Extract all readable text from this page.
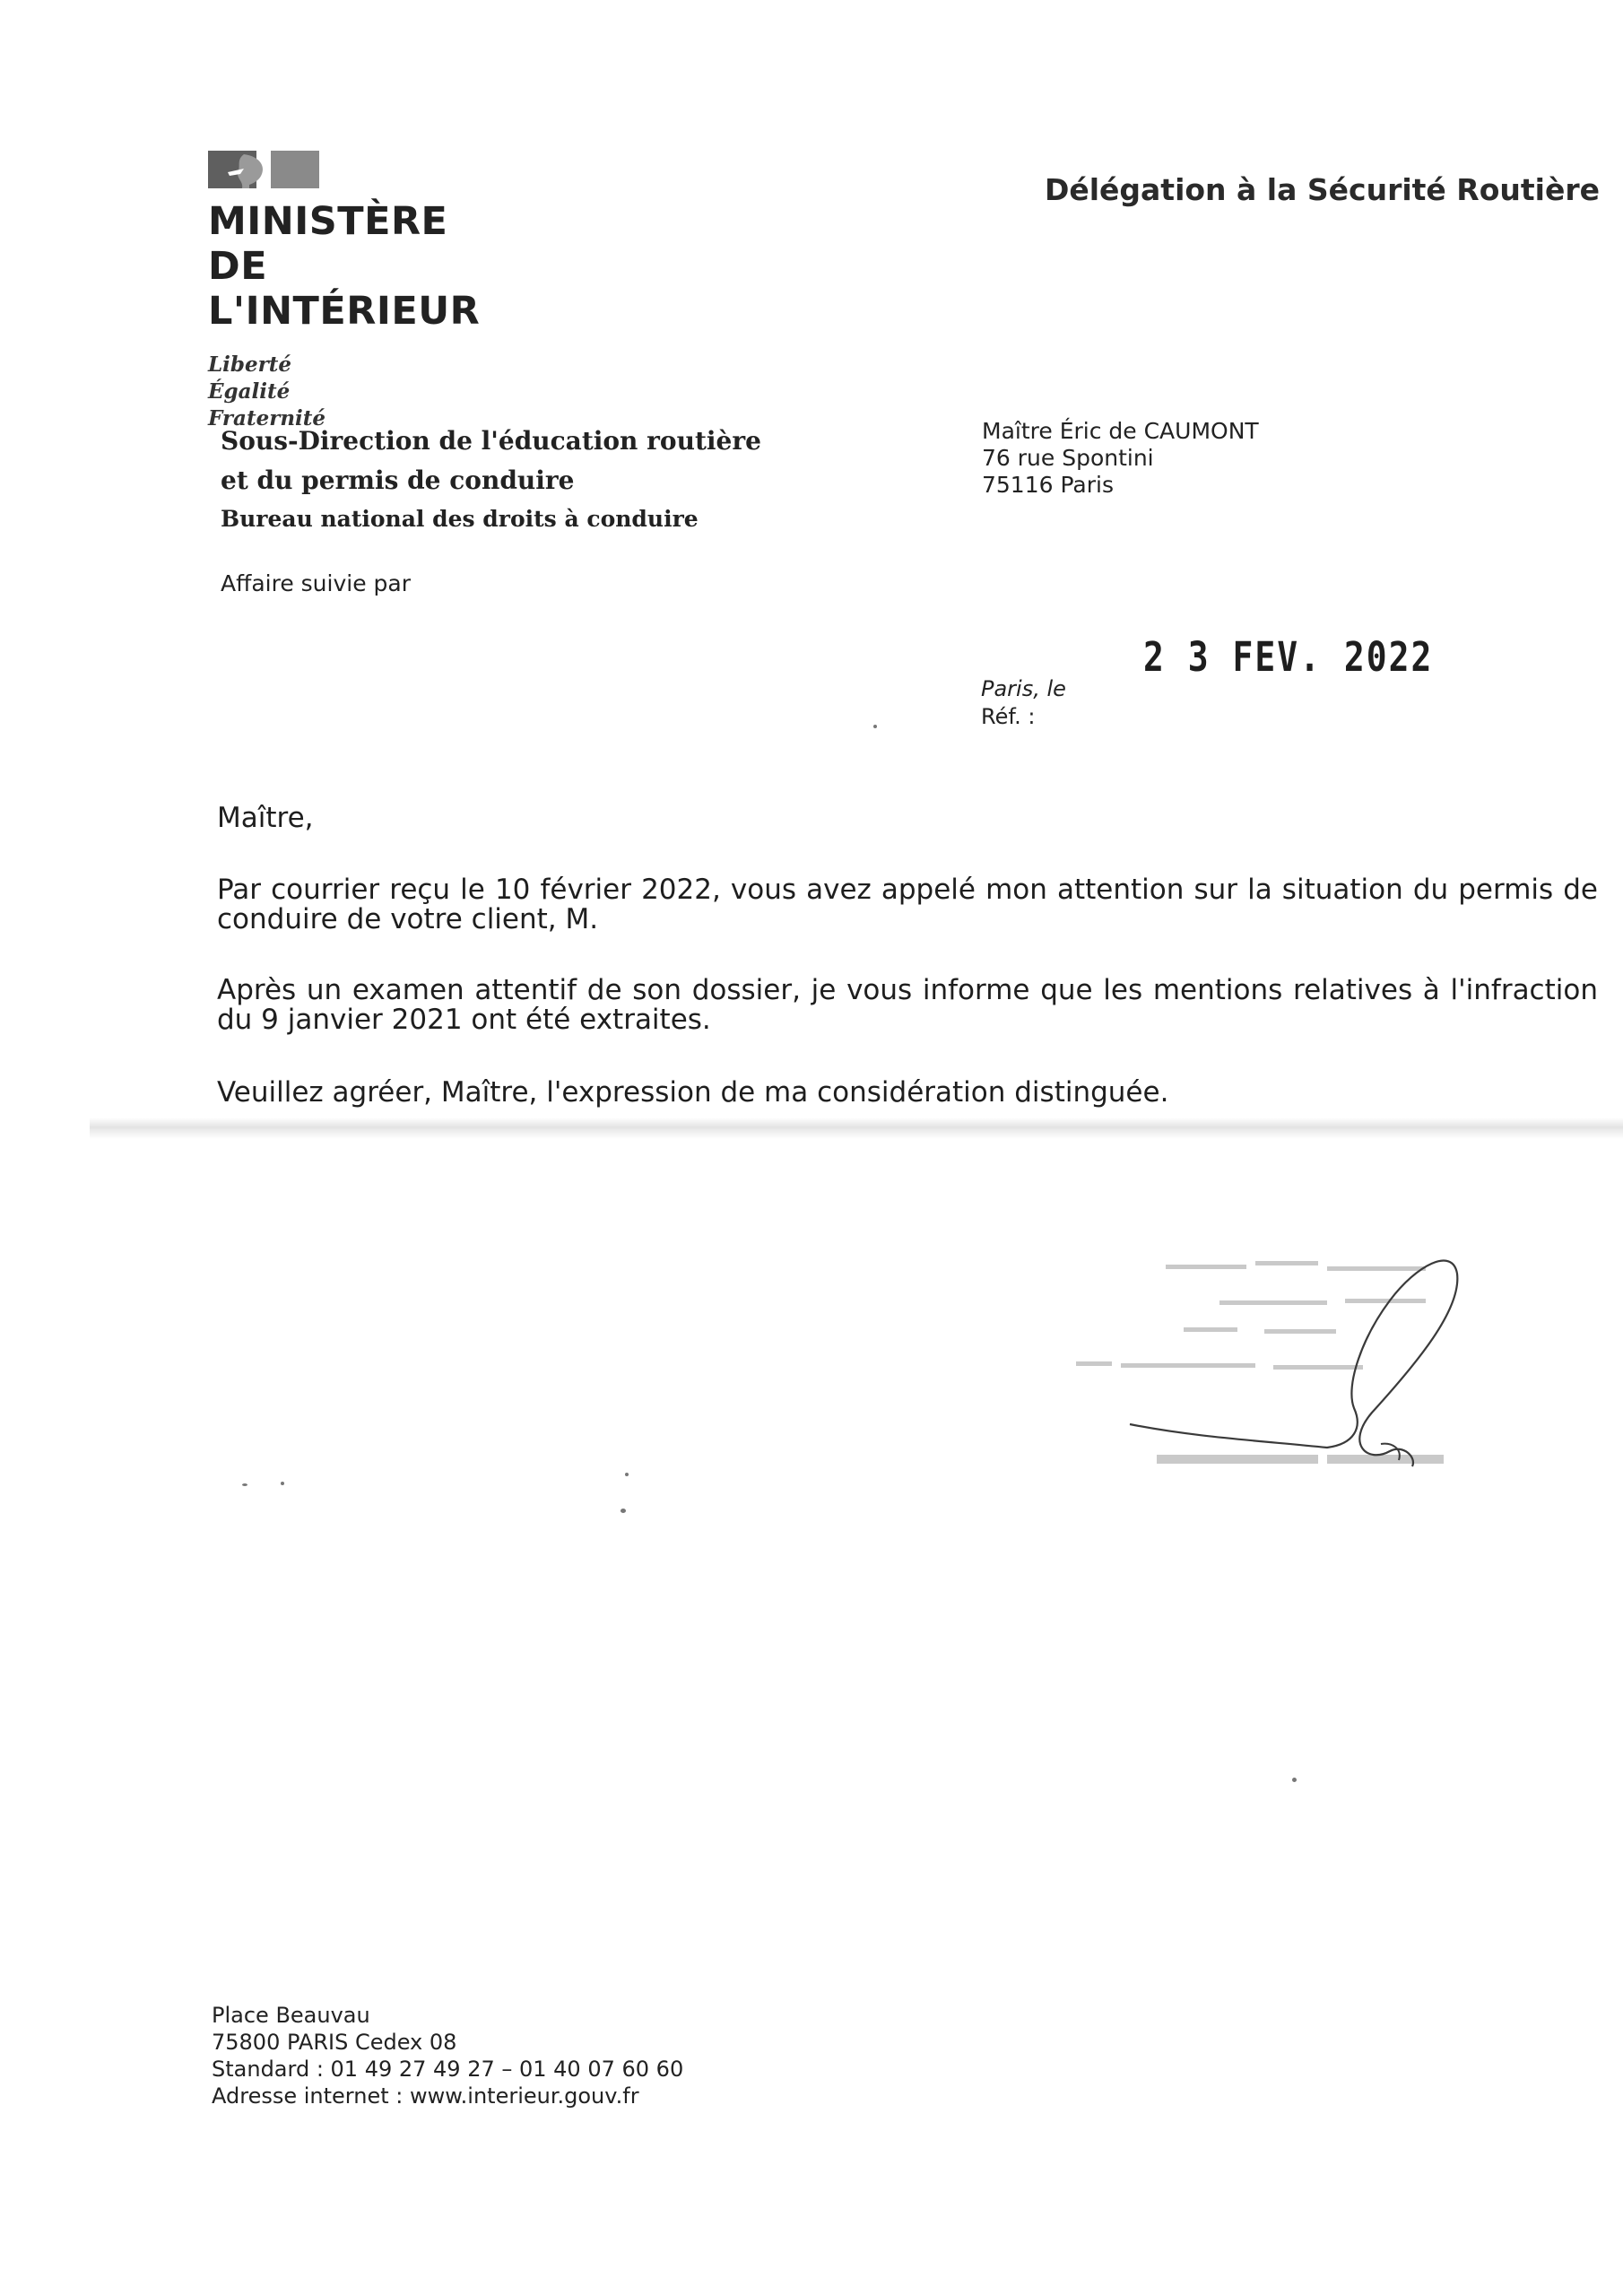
MINISTÈRE
DE L'INTÉRIEUR
Liberté
Égalité
Fraternité
Délégation à la Sécurité Routière
Sous-Direction de l'éducation routière
et du permis de conduire
Bureau national des droits à conduire
Affaire suivie par
Maître Éric de CAUMONT
76 rue Spontini
75116 Paris
2 3 FEV. 2022
Paris, le
Réf. :
Maître,
Par courrier reçu le 10 février 2022, vous avez appelé mon attention sur la situation du permis de conduire de votre client, M.
Après un examen attentif de son dossier, je vous informe que les mentions relatives à l'infraction du 9 janvier 2021 ont été extraites.
Veuillez agréer, Maître, l'expression de ma considération distinguée.
Place Beauvau
75800 PARIS Cedex 08
Standard : 01 49 27 49 27 – 01 40 07 60 60
Adresse internet : www.interieur.gouv.fr
